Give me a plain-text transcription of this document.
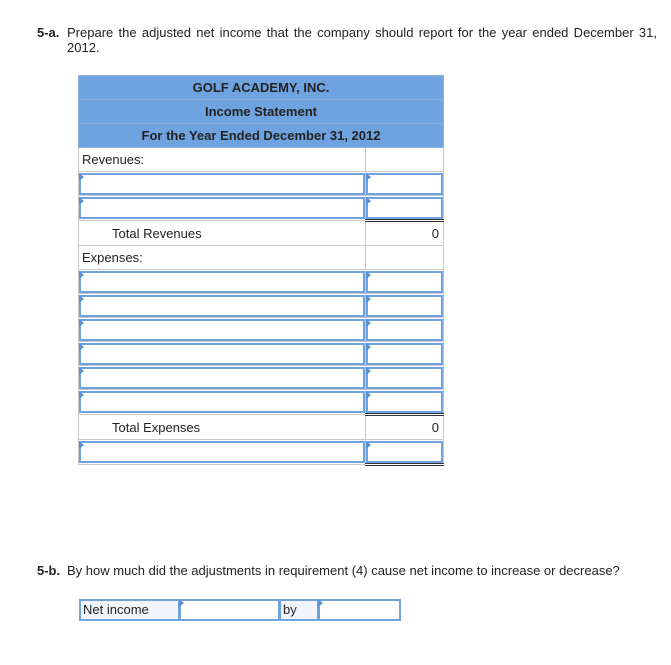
5-a. Prepare the adjusted net income that the company should report for the year ended December 31, 2012.
GOLF ACADEMY, INC.	
Income Statement	
For the Year Ended December 31, 2012	
Revenues:	

Total Revenues	0
Expenses:	

Total Expenses	0

5-b. By how much did the adjustments in requirement (4) cause net income to increase or decrease?
Net income	by
